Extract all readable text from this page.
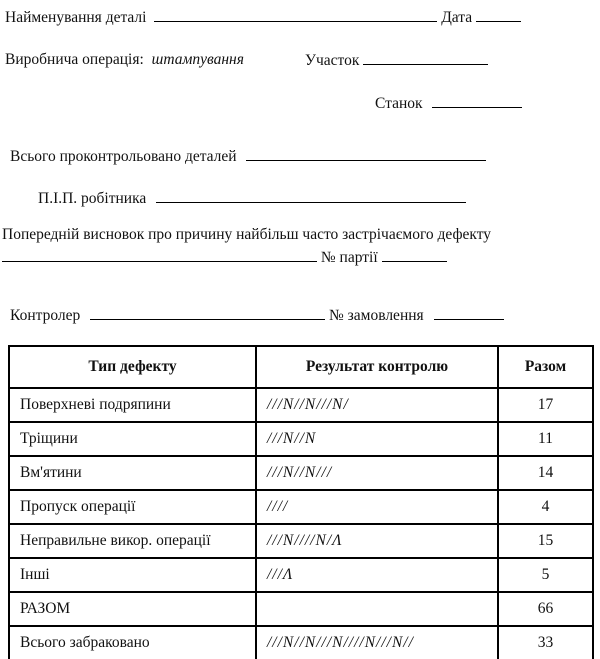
Найменування деталі	Дата
Виробнича операція: штампування	Участок
Станок
Всього проконтрольовано деталей
П.І.П. робітника
Попередній висновок про причину найбільш часто застрічаємого дефекту
№ партії
Контролер	№ замовлення
Тип дефекту	Результат контролю	Разом
Поверхневі подряпини	///N//N///N/	17
Тріщини	///N//N	11
Вм'ятини	///N//N///	14
Пропуск операції	////	4
Неправильне викор. операції	///N////N/Λ	15
Інші	///Λ	5
РАЗОМ		66
Всього забраковано	///N//N///N////N///N//	33
